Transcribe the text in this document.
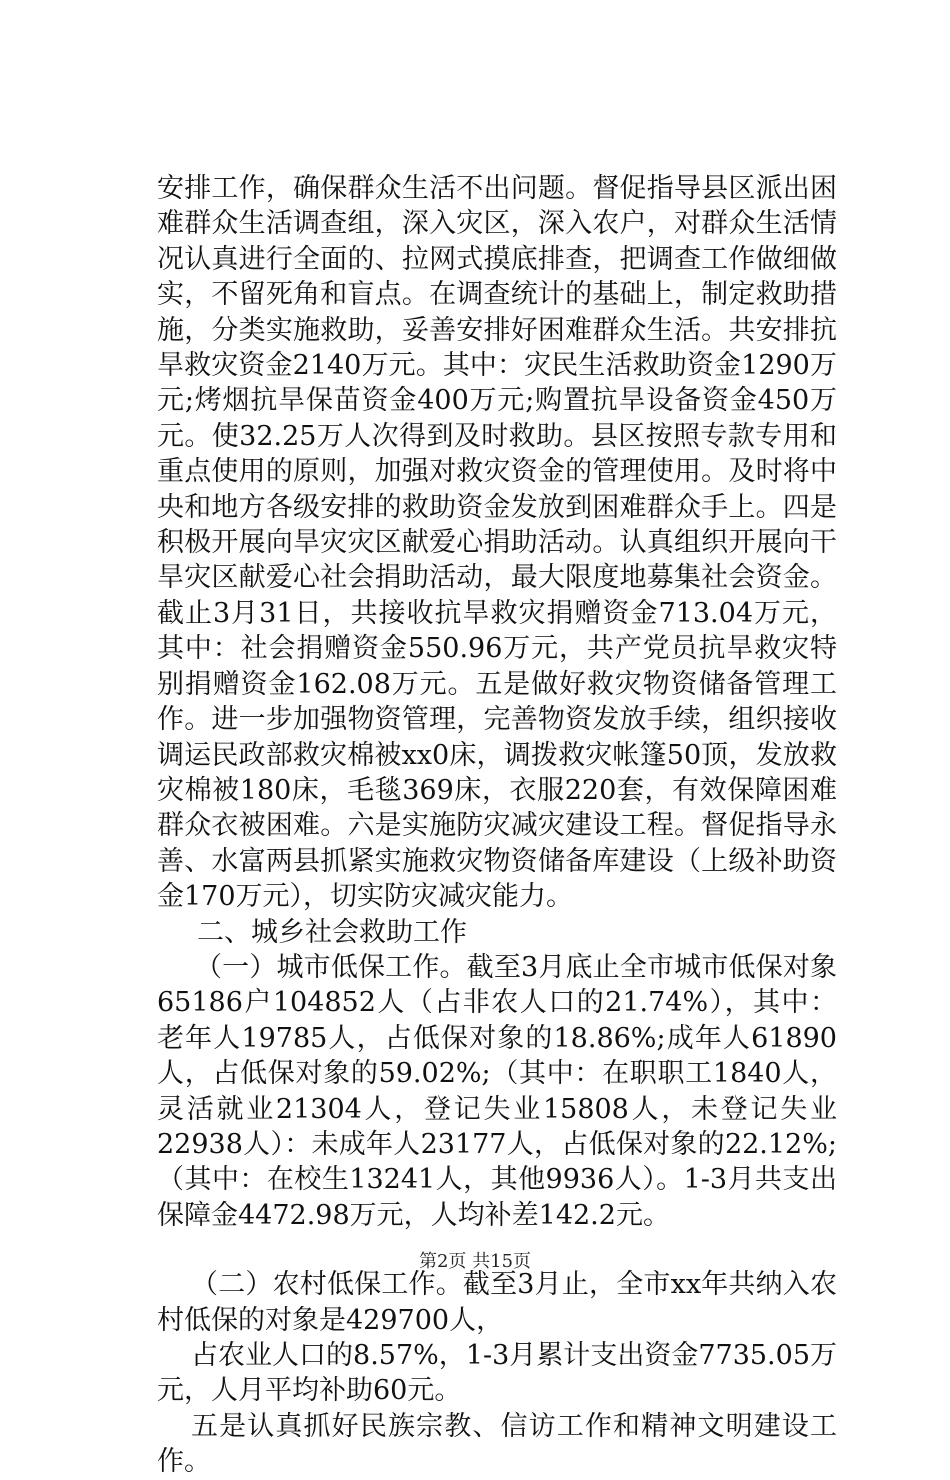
安排工作，确保群众生活不出问题。督促指导县区派出困难群众生活调查组，深入灾区，深入农户，对群众生活情况认真进行全面的、拉网式摸底排查，把调查工作做细做实，不留死角和盲点。在调查统计的基础上，制定救助措施，分类实施救助，妥善安排好困难群众生活。共安排抗旱救灾资金2140万元。其中：灾民生活救助资金1290万元;烤烟抗旱保苗资金400万元;购置抗旱设备资金450万元。使32.25万人次得到及时救助。县区按照专款专用和重点使用的原则，加强对救灾资金的管理使用。及时将中央和地方各级安排的救助资金发放到困难群众手上。四是积极开展向旱灾灾区献爱心捐助活动。认真组织开展向干旱灾区献爱心社会捐助活动，最大限度地募集社会资金。截止3月31日，共接收抗旱救灾捐赠资金713.04万元，其中：社会捐赠资金550.96万元，共产党员抗旱救灾特别捐赠资金162.08万元。五是做好救灾物资储备管理工作。进一步加强物资管理，完善物资发放手续，组织接收调运民政部救灾棉被xx0床，调拨救灾帐篷50顶，发放救灾棉被180床，毛毯369床，衣服220套，有效保障困难群众衣被困难。六是实施防灾减灾建设工程。督促指导永善、水富两县抓紧实施救灾物资储备库建设（上级补助资金170万元），切实防灾减灾能力。

二、城乡社会救助工作

（一）城市低保工作。截至3月底止全市城市低保对象65186户104852人（占非农人口的21.74%），其中：老年人19785人，占低保对象的18.86%;成年人61890人，占低保对象的59.02%;（其中：在职职工1840人，灵活就业21304人，登记失业15808人，未登记失业22938人）：未成年人23177人，占低保对象的22.12%;（其中：在校生13241人，其他9936人）。1-3月共支出保障金4472.98万元，人均补差142.2元。

（二）农村低保工作。截至3月止，全市xx年共纳入农村低保的对象是429700人，

占农业人口的8.57%，1-3月累计支出资金7735.05万元，人月平均补助60元。

五是认真抓好民族宗教、信访工作和精神文明建设工作。

第2页 共15页
